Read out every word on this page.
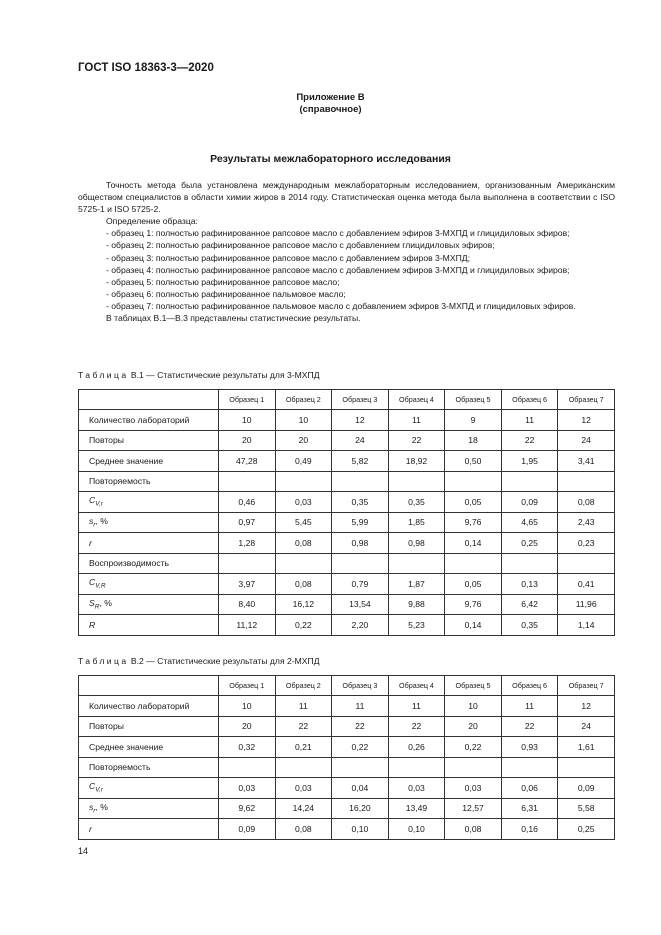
ГОСТ ISO 18363-3—2020
Приложение В
(справочное)
Результаты межлабораторного исследования

Точность метода была установлена международным межлабораторным исследованием, организованным Американским обществом специалистов в области химии жиров в 2014 году. Статистическая оценка метода была выполнена в соответствии с ISO 5725-1 и ISO 5725-2.

Определение образца:

- образец 1: полностью рафинированное рапсовое масло с добавлением эфиров 3-МХПД и глицидиловых эфиров;

- образец 2: полностью рафинированное рапсовое масло с добавлением глицидиловых эфиров;

- образец 3: полностью рафинированное рапсовое масло с добавлением эфиров 3-МХПД;

- образец 4: полностью рафинированное рапсовое масло с добавлением эфиров 3-МХПД и глицидиловых эфиров;

- образец 5: полностью рафинированное рапсовое масло;

- образец 6: полностью рафинированное пальмовое масло;

- образец 7: полностью рафинированное пальмовое масло с добавлением эфиров 3-МХПД и глицидиловых эфиров.

В таблицах В.1—В.3 представлены статистические результаты.

Таблица В.1 — Статистические результаты для 3-МХПД
	Образец 1	Образец 2	Образец 3	Образец 4	Образец 5	Образец 6	Образец 7
Количество лабораторий	10	10	12	11	9	11	12
Повторы	20	20	24	22	18	22	24
Среднее значение	47,28	0,49	5,82	18,92	0,50	1,95	3,41
Повторяемость							
$C_{V,r}$	0,46	0,03	0,35	0,35	0,05	0,09	0,08
$s_r$, %	0,97	5,45	5,99	1,85	9,76	4,65	2,43
r	1,28	0,08	0,98	0,98	0,14	0,25	0,23
Воспроизводимость							
$C_{V,R}$	3,97	0,08	0,79	1,87	0,05	0,13	0,41
$S_R$, %	8,40	16,12	13,54	9,88	9,76	6,42	11,96
R	11,12	0,22	2,20	5,23	0,14	0,35	1,14
Таблица В.2 — Статистические результаты для 2-МХПД
	Образец 1	Образец 2	Образец 3	Образец 4	Образец 5	Образец 6	Образец 7
Количество лабораторий	10	11	11	11	10	11	12
Повторы	20	22	22	22	20	22	24
Среднее значение	0,32	0,21	0,22	0,26	0,22	0,93	1,61
Повторяемость							
$C_{V,r}$	0,03	0,03	0,04	0,03	0,03	0,06	0,09
$s_r$, %	9,62	14,24	16,20	13,49	12,57	6,31	5,58
r	0,09	0,08	0,10	0,10	0,08	0,16	0,25
14
